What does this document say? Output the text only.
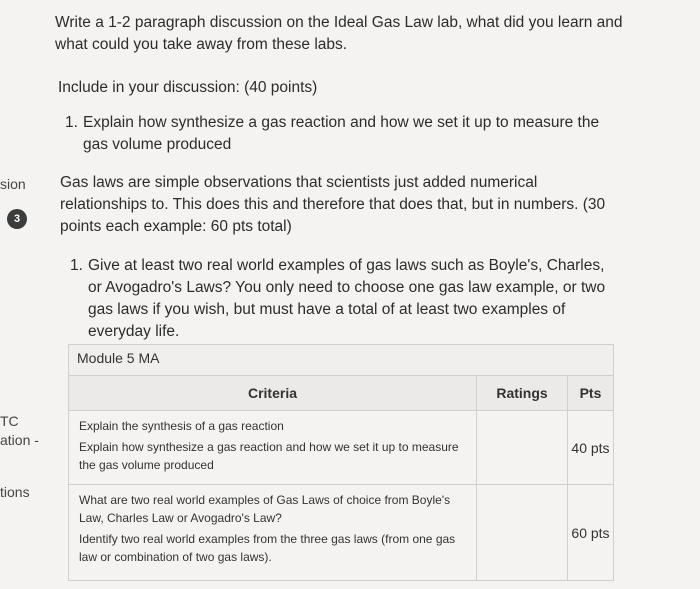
sion
3
TC
ation -
tions
Write a 1-2 paragraph discussion on the Ideal Gas Law lab, what did you learn and what could you take away from these labs.
Include in your discussion: (40 points)
1. Explain how synthesize a gas reaction and how we set it up to measure the gas volume produced
Gas laws are simple observations that scientists just added numerical relationships to. This does this and therefore that does that, but in numbers. (30 points each example: 60 pts total)
1. Give at least two real world examples of gas laws such as Boyle's, Charles, or Avogadro's Laws? You only need to choose one gas law example, or two gas laws if you wish, but must have a total of at least two examples of everyday life.
Module 5 MA		
Criteria	Ratings	Pts

Explain the synthesis of a gas reaction
Explain how synthesize a gas reaction and how we set it up to measure the gas volume produced		40 pts

What are two real world examples of Gas Laws of choice from Boyle's Law, Charles Law or Avogadro's Law?
Identify two real world examples from the three gas laws (from one gas law or combination of two gas laws).		60 pts
